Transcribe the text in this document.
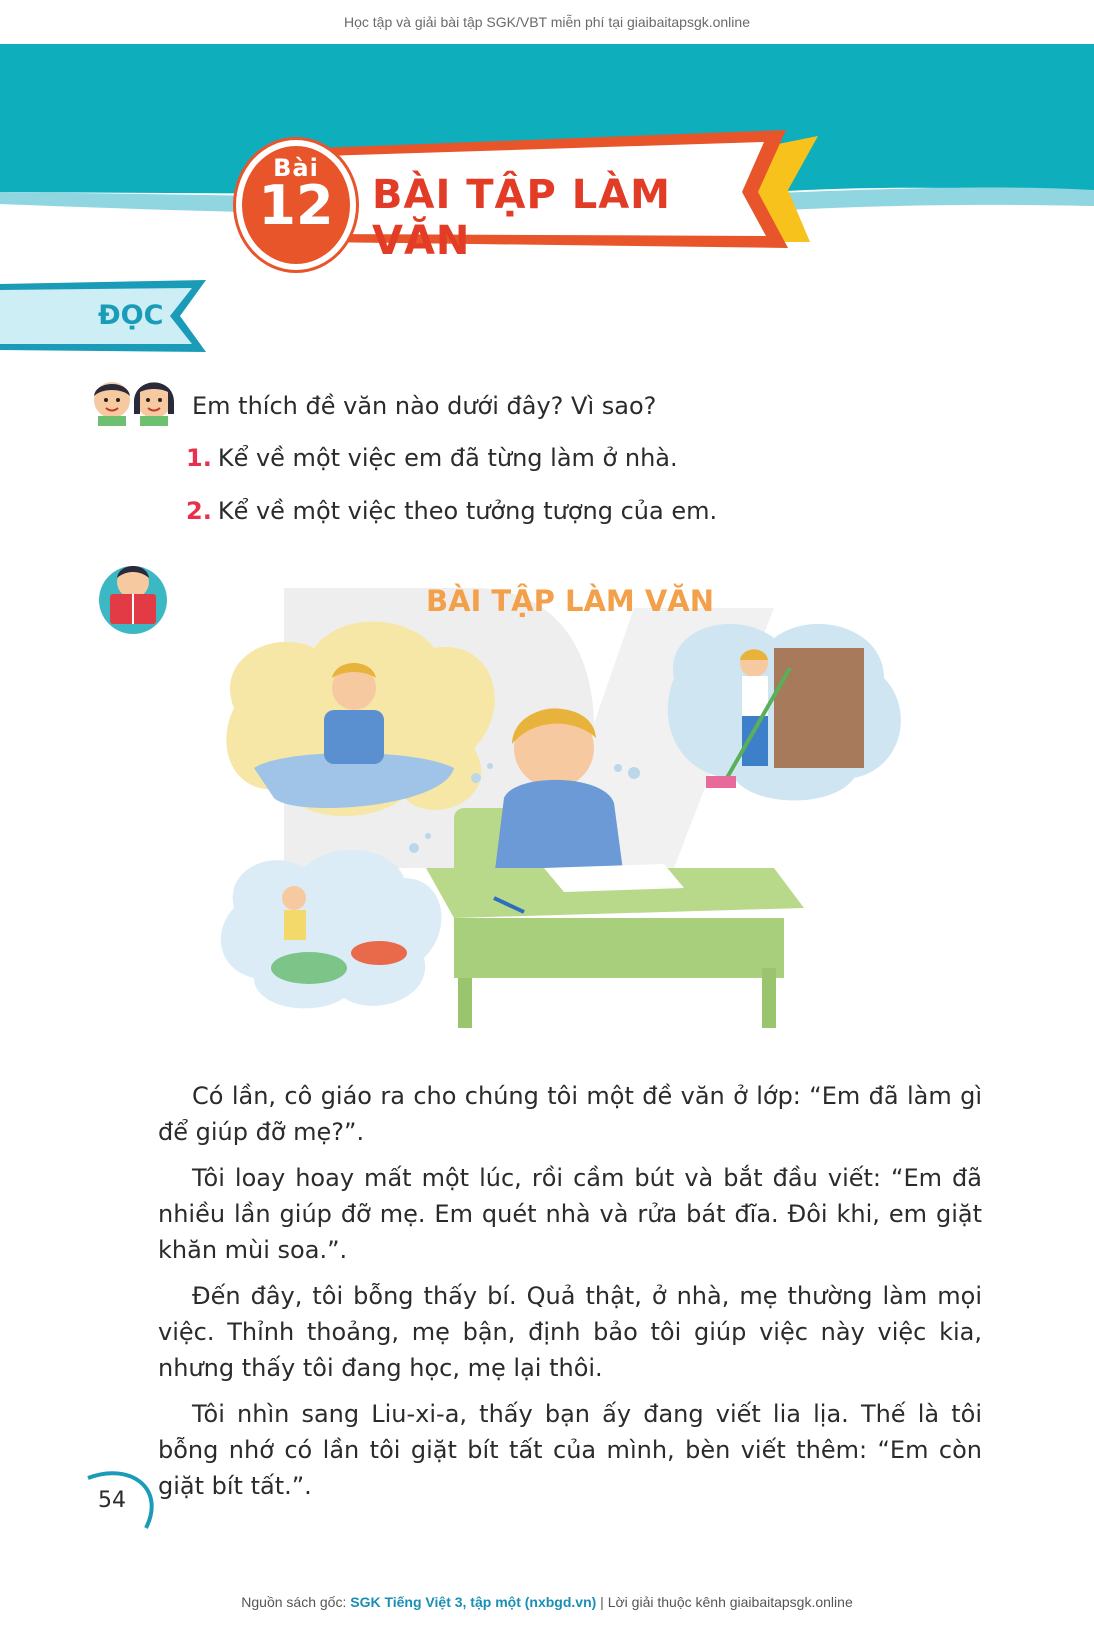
Học tập và giải bài tập SGK/VBT miễn phí tại giaibaitapsgk.online
Bài
12 BÀI TẬP LÀM VĂN
ĐỌC
Em thích đề văn nào dưới đây? Vì sao?
1. Kể về một việc em đã từng làm ở nhà.
2. Kể về một việc theo tưởng tượng của em.
BÀI TẬP LÀM VĂN

Có lần, cô giáo ra cho chúng tôi một đề văn ở lớp: “Em đã làm gì để giúp đỡ mẹ?”.

Tôi loay hoay mất một lúc, rồi cầm bút và bắt đầu viết: “Em đã nhiều lần giúp đỡ mẹ. Em quét nhà và rửa bát đĩa. Đôi khi, em giặt khăn mùi soa.”.

Đến đây, tôi bỗng thấy bí. Quả thật, ở nhà, mẹ thường làm mọi việc. Thỉnh thoảng, mẹ bận, định bảo tôi giúp việc này việc kia, nhưng thấy tôi đang học, mẹ lại thôi.

Tôi nhìn sang Liu-xi-a, thấy bạn ấy đang viết lia lịa. Thế là tôi bỗng nhớ có lần tôi giặt bít tất của mình, bèn viết thêm: “Em còn giặt bít tất.”.

54
Nguồn sách gốc: SGK Tiếng Việt 3, tập một (nxbgd.vn) | Lời giải thuộc kênh giaibaitapsgk.online
